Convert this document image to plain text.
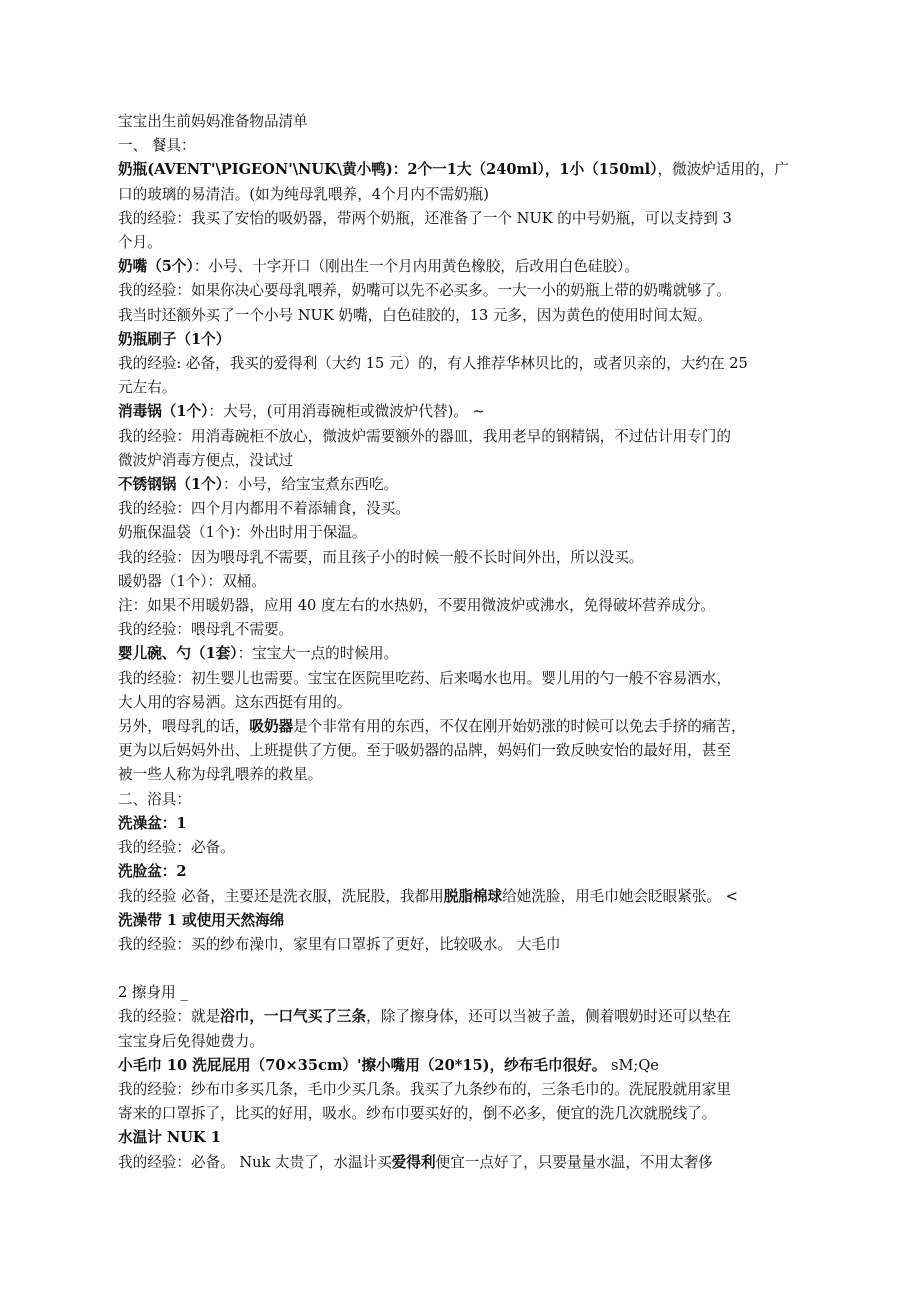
宝宝出生前妈妈准备物品清单
一、 餐具：
奶瓶(AVENT'\PIGEON'\NUK\黄小鸭)：2个一1大（240ml），1小（150ml），微波炉适用的，广
口的玻璃的易清洁。(如为纯母乳喂养，4个月内不需奶瓶)
我的经验：我买了安怡的吸奶器，带两个奶瓶，还准备了一个 NUK 的中号奶瓶，可以支持到 3
个月。
奶嘴（5个）：小号、十字开口（刚出生一个月内用黄色橡胶，后改用白色硅胶）。
我的经验：如果你决心要母乳喂养，奶嘴可以先不必买多。一大一小的奶瓶上带的奶嘴就够了。
我当时还额外买了一个小号 NUK 奶嘴，白色硅胶的，13 元多，因为黄色的使用时间太短。
奶瓶刷子（1个）
我的经验: 必备，我买的爱得利（大约 15 元）的，有人推荐华林贝比的，或者贝亲的，大约在 25
元左右。
消毒锅（1个）：大号，(可用消毒碗柜或微波炉代替)。 ~
我的经验：用消毒碗柜不放心，微波炉需要额外的器皿，我用老早的钢精锅，不过估计用专门的
微波炉消毒方便点，没试过
不锈钢锅（1个）：小号，给宝宝煮东西吃。
我的经验：四个月内都用不着添辅食，没买。
奶瓶保温袋（1个)：外出时用于保温。
我的经验：因为喂母乳不需要，而且孩子小的时候一般不长时间外出，所以没买。
暖奶器（1个）：双桶。
注：如果不用暖奶器，应用 40 度左右的水热奶，不要用微波炉或沸水，免得破坏营养成分。
我的经验：喂母乳不需要。
婴儿碗、勺（1套）：宝宝大一点的时候用。
我的经验：初生婴儿也需要。宝宝在医院里吃药、后来喝水也用。婴儿用的勺一般不容易洒水，
大人用的容易洒。这东西挺有用的。
另外，喂母乳的话，吸奶器是个非常有用的东西，不仅在刚开始奶涨的时候可以免去手挤的痛苦，
更为以后妈妈外出、上班提供了方便。至于吸奶器的品牌，妈妈们一致反映安怡的最好用，甚至
被一些人称为母乳喂养的救星。
二、浴具：
洗澡盆：1
我的经验：必备。
洗脸盆：2
我的经验 必备，主要还是洗衣服，洗屁股，我都用脱脂棉球给她洗脸，用毛巾她会眨眼紧张。 <
洗澡带 1 或使用天然海绵
我的经验：买的纱布澡巾，家里有口罩拆了更好，比较吸水。 大毛巾
2 擦身用 _
我的经验：就是浴巾，一口气买了三条，除了擦身体，还可以当被子盖，侧着喂奶时还可以垫在
宝宝身后免得她费力。
小毛巾 10 洗屁屁用（70×35cm）'擦小嘴用（20*15)，纱布毛巾很好。 sM;Qe
我的经验：纱布巾多买几条，毛巾少买几条。我买了九条纱布的，三条毛巾的。洗屁股就用家里
寄来的口罩拆了，比买的好用，吸水。纱布巾要买好的，倒不必多，便宜的洗几次就脱线了。
水温计 NUK 1
我的经验：必备。 Nuk 太贵了，水温计买爱得利便宜一点好了，只要量量水温，不用太奢侈
